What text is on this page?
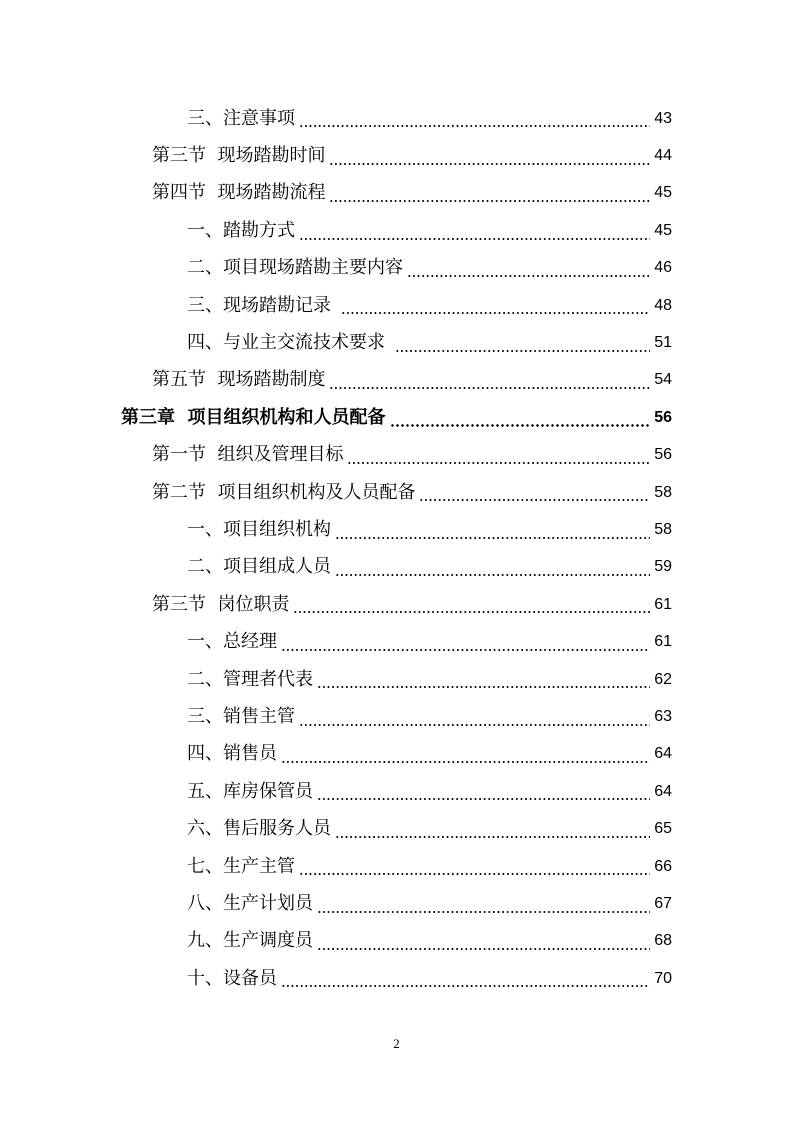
三、注意事项	43
第三节  现场踏勘时间	44
第四节  现场踏勘流程	45
一、踏勘方式	45
二、项目现场踏勘主要内容	46
三、现场踏勘记录	48
四、与业主交流技术要求	51
第五节  现场踏勘制度	54
第三章  项目组织机构和人员配备	56
第一节  组织及管理目标	56
第二节  项目组织机构及人员配备	58
一、项目组织机构	58
二、项目组成人员	59
第三节  岗位职责	61
一、总经理	61
二、管理者代表	62
三、销售主管	63
四、销售员	64
五、库房保管员	64
六、售后服务人员	65
七、生产主管	66
八、生产计划员	67
九、生产调度员	68
十、设备员	70
2
